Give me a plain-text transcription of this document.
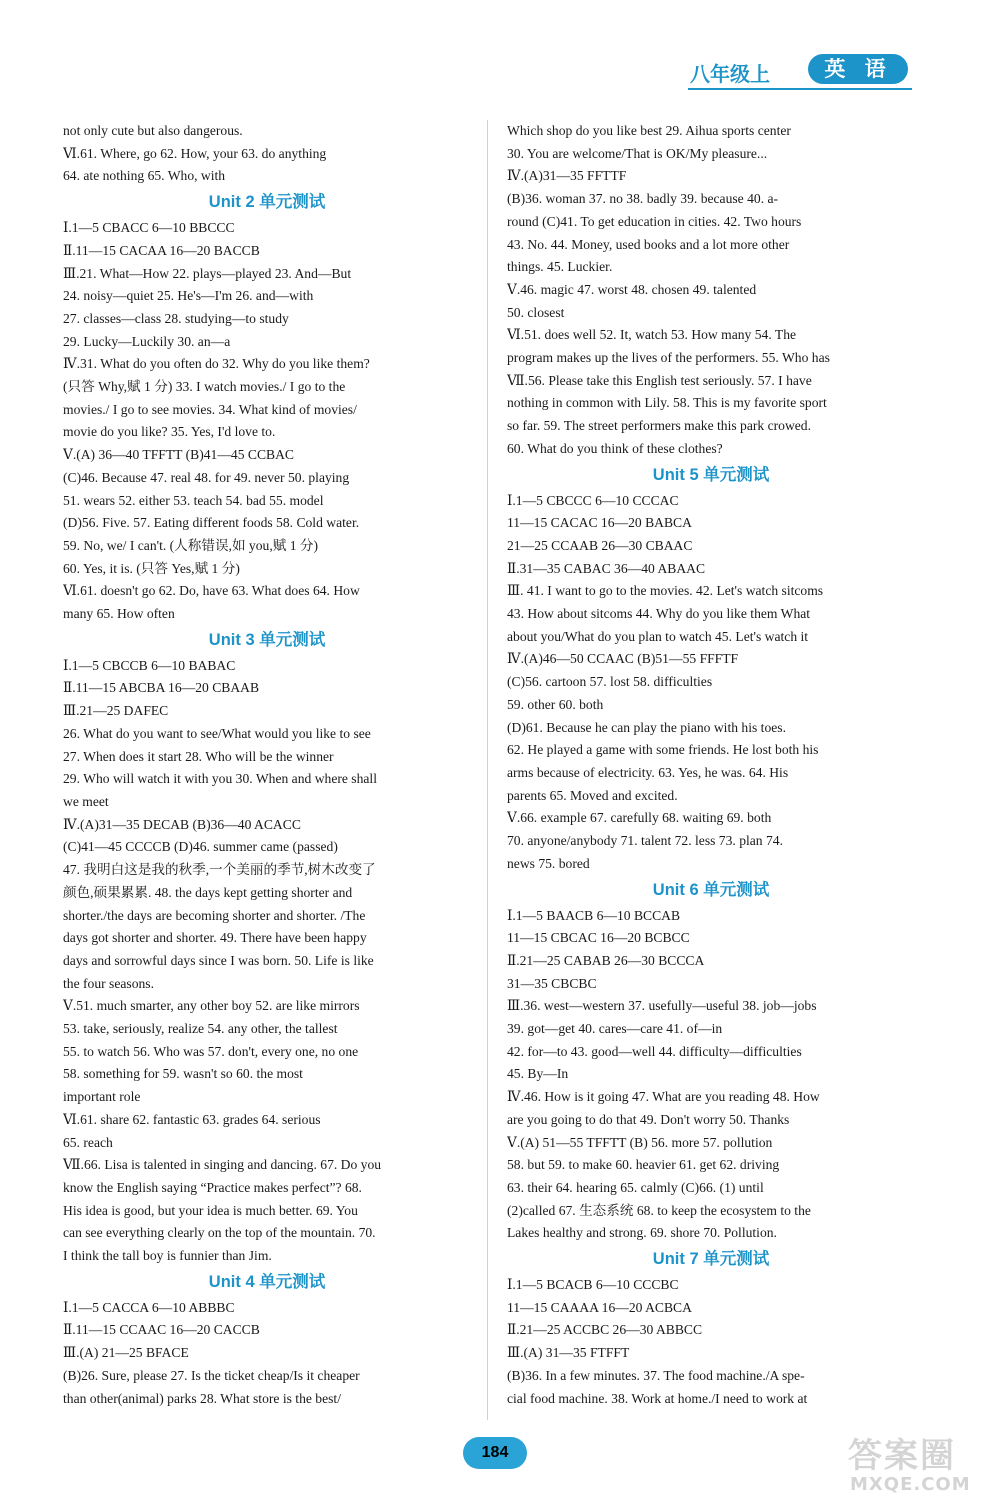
八年级上	英 语
not only cute but also dangerous.
Ⅵ.61. Where, go 62. How, your 63. do anything
64. ate nothing 65. Who, with
Unit 2 单元测试
Ⅰ.1—5 CBACC 6—10 BBCCC
Ⅱ.11—15 CACAA 16—20 BACCB
Ⅲ.21. What—How 22. plays—played 23. And—But
24. noisy—quiet 25. He's—I'm 26. and—with
27. classes—class 28. studying—to study
29. Lucky—Luckily 30. an—a
Ⅳ.31. What do you often do 32. Why do you like them?
(只答 Why,赋 1 分) 33. I watch movies./ I go to the
movies./ I go to see movies. 34. What kind of movies/
movie do you like? 35. Yes, I'd love to.
Ⅴ.(A) 36—40 TFFTT (B)41—45 CCBAC
(C)46. Because 47. real 48. for 49. never 50. playing
51. wears 52. either 53. teach 54. bad 55. model
(D)56. Five. 57. Eating different foods 58. Cold water.
59. No, we/ I can't. (人称错误,如 you,赋 1 分)
60. Yes, it is. (只答 Yes,赋 1 分)
Ⅵ.61. doesn't go 62. Do, have 63. What does 64. How
many 65. How often
Unit 3 单元测试
Ⅰ.1—5 CBCCB 6—10 BABAC
Ⅱ.11—15 ABCBA 16—20 CBAAB
Ⅲ.21—25 DAFEC
26. What do you want to see/What would you like to see
27. When does it start 28. Who will be the winner
29. Who will watch it with you 30. When and where shall
we meet
Ⅳ.(A)31—35 DECAB (B)36—40 ACACC
(C)41—45 CCCCB (D)46. summer came (passed)
47. 我明白这是我的秋季,一个美丽的季节,树木改变了
颜色,硕果累累. 48. the days kept getting shorter and
shorter./the days are becoming shorter and shorter. /The
days got shorter and shorter. 49. There have been happy
days and sorrowful days since I was born. 50. Life is like
the four seasons.
Ⅴ.51. much smarter, any other boy 52. are like mirrors
53. take, seriously, realize 54. any other, the tallest
55. to watch 56. Who was 57. don't, every one, no one
58. something for 59. wasn't so 60. the most
important role
Ⅵ.61. share 62. fantastic 63. grades 64. serious
65. reach
Ⅶ.66. Lisa is talented in singing and dancing. 67. Do you
know the English saying “Practice makes perfect”? 68.
His idea is good, but your idea is much better. 69. You
can see everything clearly on the top of the mountain. 70.
I think the tall boy is funnier than Jim.
Unit 4 单元测试
Ⅰ.1—5 CACCA 6—10 ABBBC
Ⅱ.11—15 CCAAC 16—20 CACCB
Ⅲ.(A) 21—25 BFACE
(B)26. Sure, please 27. Is the ticket cheap/Is it cheaper
than other(animal) parks 28. What store is the best/
Which shop do you like best 29. Aihua sports center
30. You are welcome/That is OK/My pleasure...
Ⅳ.(A)31—35 FFTTF
(B)36. woman 37. no 38. badly 39. because 40. a-
round (C)41. To get education in cities. 42. Two hours
43. No. 44. Money, used books and a lot more other
things. 45. Luckier.
Ⅴ.46. magic 47. worst 48. chosen 49. talented
50. closest
Ⅵ.51. does well 52. It, watch 53. How many 54. The
program makes up the lives of the performers. 55. Who has
Ⅶ.56. Please take this English test seriously. 57. I have
nothing in common with Lily. 58. This is my favorite sport
so far. 59. The street performers make this park crowed.
60. What do you think of these clothes?
Unit 5 单元测试
Ⅰ.1—5 CBCCC 6—10 CCCAC
11—15 CACAC 16—20 BABCA
21—25 CCAAB 26—30 CBAAC
Ⅱ.31—35 CABAC 36—40 ABAAC
Ⅲ. 41. I want to go to the movies. 42. Let's watch sitcoms
43. How about sitcoms 44. Why do you like them What
about you/What do you plan to watch 45. Let's watch it
Ⅳ.(A)46—50 CCAAC (B)51—55 FFFTF
(C)56. cartoon 57. lost 58. difficulties
59. other 60. both
(D)61. Because he can play the piano with his toes.
62. He played a game with some friends. He lost both his
arms because of electricity. 63. Yes, he was. 64. His
parents 65. Moved and excited.
Ⅴ.66. example 67. carefully 68. waiting 69. both
70. anyone/anybody 71. talent 72. less 73. plan 74.
news 75. bored
Unit 6 单元测试
Ⅰ.1—5 BAACB 6—10 BCCAB
11—15 CBCAC 16—20 BCBCC
Ⅱ.21—25 CABAB 26—30 BCCCA
31—35 CBCBC
Ⅲ.36. west—western 37. usefully—useful 38. job—jobs
39. got—get 40. cares—care 41. of—in
42. for—to 43. good—well 44. difficulty—difficulties
45. By—In
Ⅳ.46. How is it going 47. What are you reading 48. How
are you going to do that 49. Don't worry 50. Thanks
Ⅴ.(A) 51—55 TFFTT (B) 56. more 57. pollution
58. but 59. to make 60. heavier 61. get 62. driving
63. their 64. hearing 65. calmly (C)66. (1) until
(2)called 67. 生态系统 68. to keep the ecosystem to the
Lakes healthy and strong. 69. shore 70. Pollution.
Unit 7 单元测试
Ⅰ.1—5 BCACB 6—10 CCCBC
11—15 CAAAA 16—20 ACBCA
Ⅱ.21—25 ACCBC 26—30 ABBCC
Ⅲ.(A) 31—35 FTFFT
(B)36. In a few minutes. 37. The food machine./A spe-
cial food machine. 38. Work at home./I need to work at
184	答案圈
MXQE.COM
